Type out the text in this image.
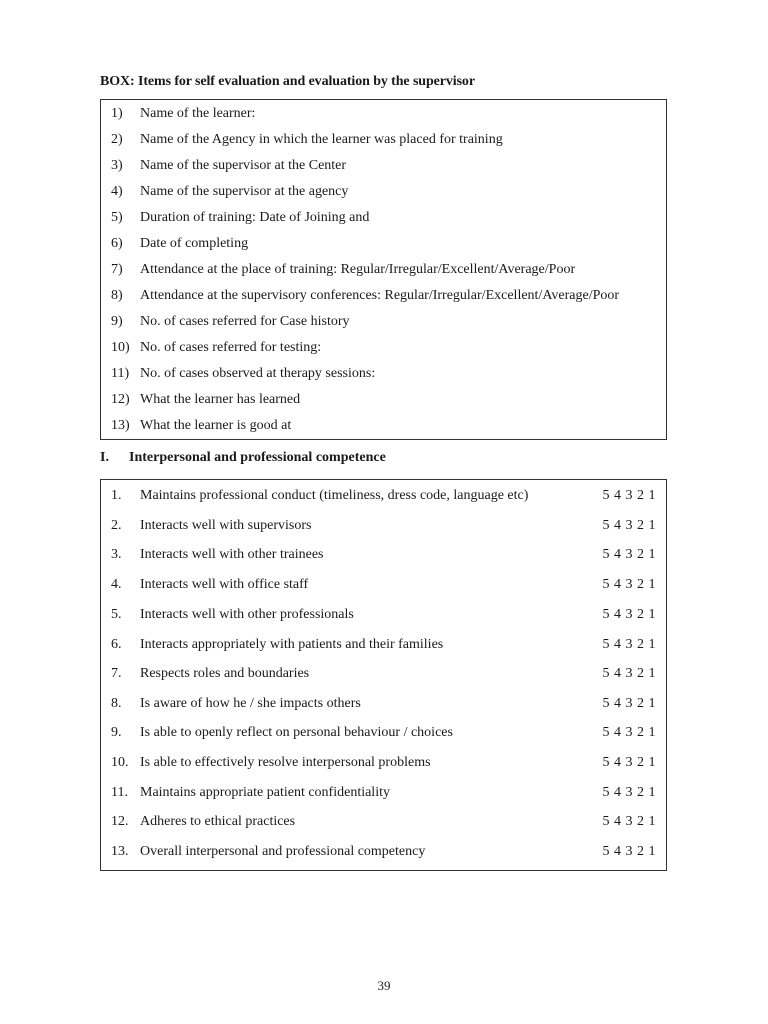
BOX: Items for self evaluation and evaluation by the supervisor
1) Name of the learner:
2) Name of the Agency in which the learner was placed for training
3) Name of the supervisor at the Center
4) Name of the supervisor at the agency
5) Duration of training: Date of Joining and
6) Date of completing
7) Attendance at the place of training: Regular/Irregular/Excellent/Average/Poor
8) Attendance at the supervisory conferences: Regular/Irregular/Excellent/Average/Poor
9) No. of cases referred for Case history
10) No. of cases referred for testing:
11) No. of cases observed at therapy sessions:
12) What the learner has learned
13) What the learner is good at
I. Interpersonal and professional competence
1. Maintains professional conduct (timeliness, dress code, language etc)	5 4 3 2 1
2. Interacts well with supervisors	5 4 3 2 1
3. Interacts well with other trainees	5 4 3 2 1
4. Interacts well with office staff	5 4 3 2 1
5. Interacts well with other professionals	5 4 3 2 1
6. Interacts appropriately with patients and their families	5 4 3 2 1
7. Respects roles and boundaries	5 4 3 2 1
8. Is aware of how he / she impacts others	5 4 3 2 1
9. Is able to openly reflect on personal behaviour / choices	5 4 3 2 1
10. Is able to effectively resolve interpersonal problems	5 4 3 2 1
11. Maintains appropriate patient confidentiality	5 4 3 2 1
12. Adheres to ethical practices	5 4 3 2 1
13. Overall interpersonal and professional competency	5 4 3 2 1
39
